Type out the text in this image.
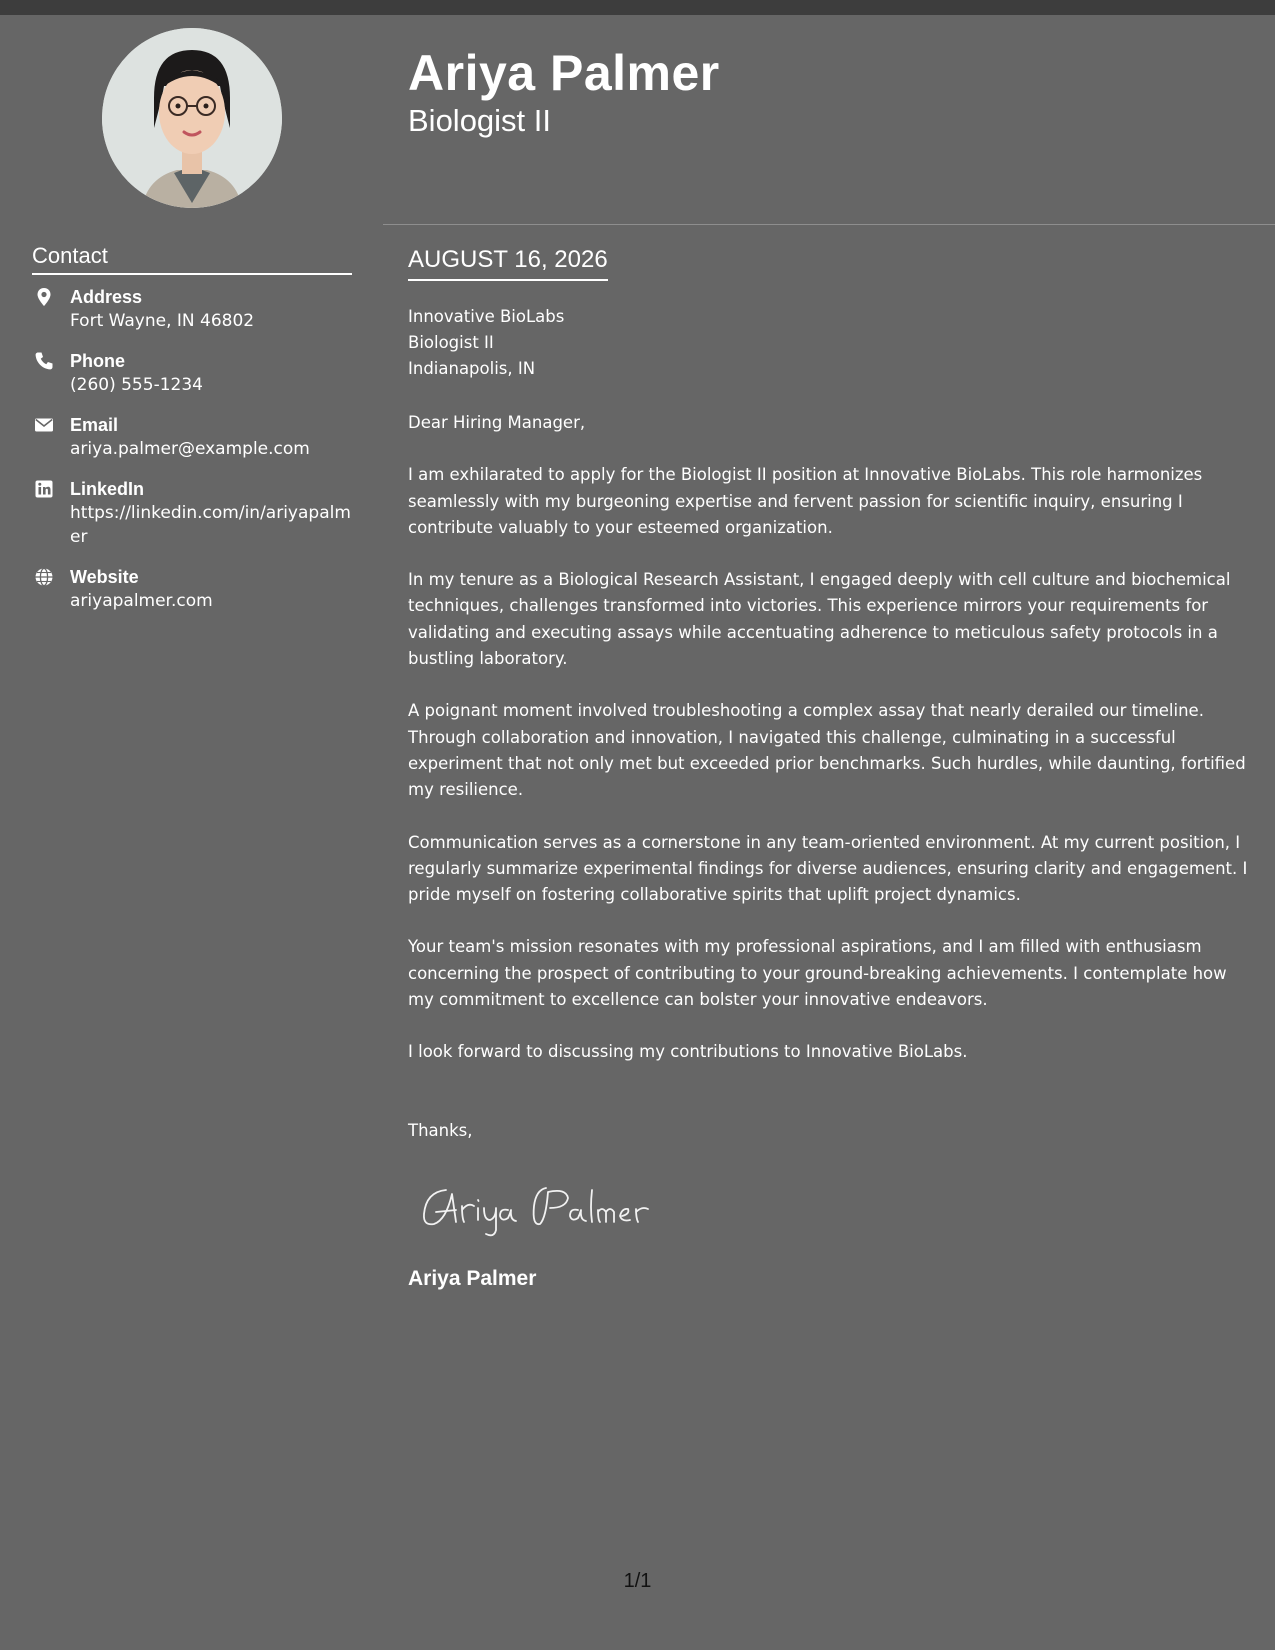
Contact
Address
Fort Wayne, IN 46802
Phone
(260) 555-1234
Email
ariya.palmer@example.com
LinkedIn
https://linkedin.com/in/ariyapalmer
Website
ariyapalmer.com
Ariya Palmer
Biologist II
AUGUST 16, 2026
Innovative BioLabs
Biologist II
Indianapolis, IN

Dear Hiring Manager,

I am exhilarated to apply for the Biologist II position at Innovative BioLabs. This role harmonizes seamlessly with my burgeoning expertise and fervent passion for scientific inquiry, ensuring I contribute valuably to your esteemed organization.

In my tenure as a Biological Research Assistant, I engaged deeply with cell culture and biochemical techniques, challenges transformed into victories. This experience mirrors your requirements for validating and executing assays while accentuating adherence to meticulous safety protocols in a bustling laboratory.

A poignant moment involved troubleshooting a complex assay that nearly derailed our timeline. Through collaboration and innovation, I navigated this challenge, culminating in a successful experiment that not only met but exceeded prior benchmarks. Such hurdles, while daunting, fortified my resilience.

Communication serves as a cornerstone in any team-oriented environment. At my current position, I regularly summarize experimental findings for diverse audiences, ensuring clarity and engagement. I pride myself on fostering collaborative spirits that uplift project dynamics.

Your team's mission resonates with my professional aspirations, and I am filled with enthusiasm concerning the prospect of contributing to your ground-breaking achievements. I contemplate how my commitment to excellence can bolster your innovative endeavors.

I look forward to discussing my contributions to Innovative BioLabs.

Thanks,

Ariya Palmer
1/1
